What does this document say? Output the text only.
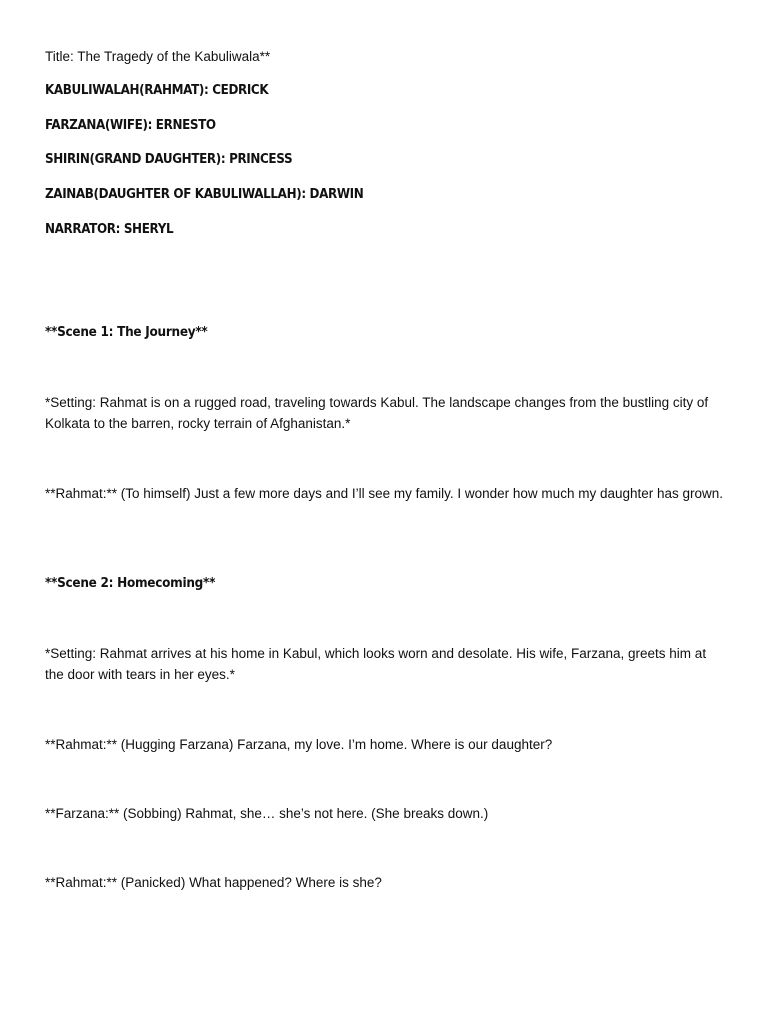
Title: The Tragedy of the Kabuliwala**
KABULIWALAH(RAHMAT): CEDRICK
FARZANA(WIFE): ERNESTO
SHIRIN(GRAND DAUGHTER): PRINCESS
ZAINAB(DAUGHTER OF KABULIWALLAH): DARWIN
NARRATOR: SHERYL
**Scene 1: The Journey**
*Setting: Rahmat is on a rugged road, traveling towards Kabul. The landscape changes from the bustling city of Kolkata to the barren, rocky terrain of Afghanistan.*
**Rahmat:** (To himself) Just a few more days and I’ll see my family. I wonder how much my daughter has grown.
**Scene 2: Homecoming**
*Setting: Rahmat arrives at his home in Kabul, which looks worn and desolate. His wife, Farzana, greets him at the door with tears in her eyes.*
**Rahmat:** (Hugging Farzana) Farzana, my love. I’m home. Where is our daughter?
**Farzana:** (Sobbing) Rahmat, she… she’s not here. (She breaks down.)
**Rahmat:** (Panicked) What happened? Where is she?
